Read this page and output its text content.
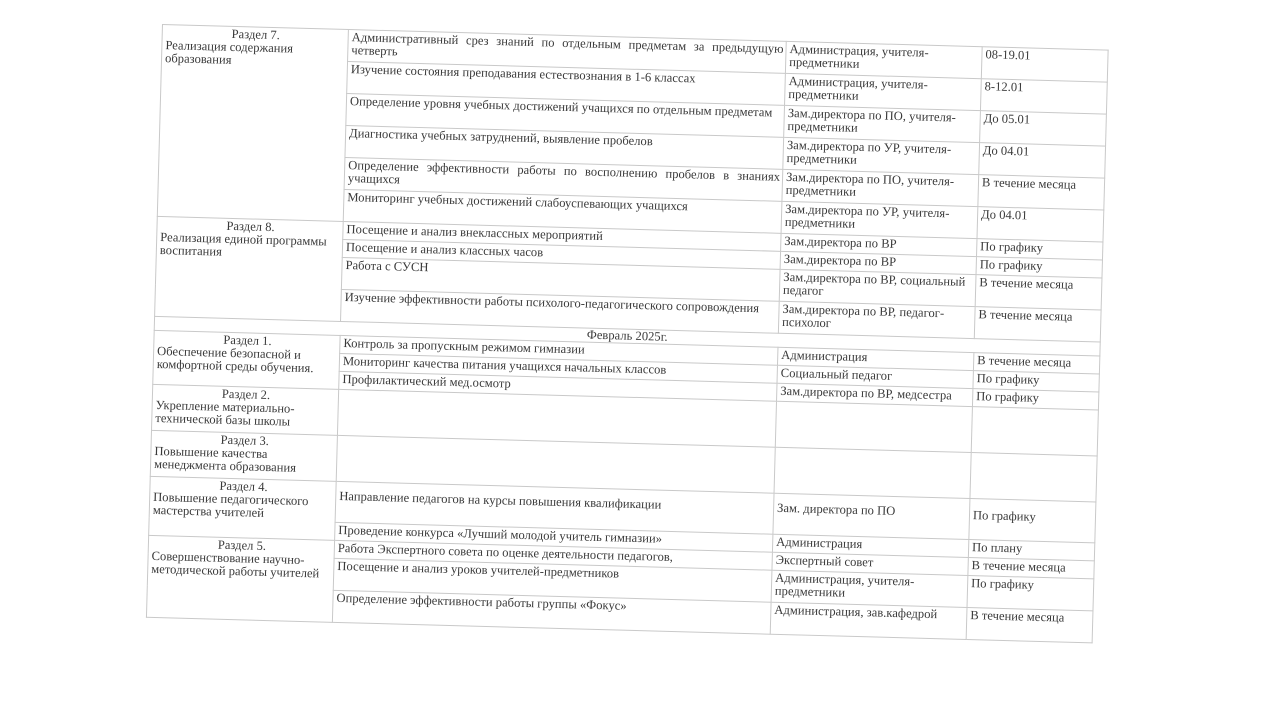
Раздел 7.
Реализация содержания образования	Административный срез знаний по отдельным предметам за предыдущую четверть	Администрация, учителя-предметники	08-19.01
	Изучение состояния преподавания естествознания в 1-6 классах	Администрация, учителя-предметники	8-12.01
	Определение уровня учебных достижений учащихся по отдельным предметам	Зам.директора по ПО, учителя-предметники	До 05.01
	Диагностика учебных затруднений, выявление пробелов	Зам.директора по УР, учителя-предметники	До 04.01
	Определение эффективности работы по восполнению пробелов в знаниях учащихся	Зам.директора по ПО, учителя-предметники	В течение месяца
	Мониторинг учебных достижений слабоуспевающих учащихся	Зам.директора по УР, учителя-предметники	До 04.01

Раздел 8.
Реализация единой программы воспитания	Посещение и анализ внеклассных мероприятий	Зам.директора по ВР	По графику
	Посещение и анализ классных часов	Зам.директора по ВР	По графику
	Работа с СУСН	Зам.директора по ВР, социальный педагог	В течение месяца
	Изучение эффективности работы психолого-педагогического сопровождения	Зам.директора по ВР, педагог-психолог	В течение месяца
Февраль 2025г.			

Раздел 1.
Обеспечение безопасной и комфортной среды обучения.	Контроль за пропускным режимом гимназии	Администрация	В течение месяца
	Мониторинг качества питания учащихся начальных классов	Социальный педагог	По графику
	Профилактический мед.осмотр	Зам.директора по ВР, медсестра	По графику

Раздел 2.
Укрепление материально-технической базы школы			

Раздел 3.
Повышение качества менеджмента образования			

Раздел 4.
Повышение педагогического мастерства учителей	Направление педагогов на курсы повышения квалификации	Зам. директора по ПО	По графику
	Проведение конкурса «Лучший молодой учитель гимназии»	Администрация	По плану

Раздел 5.
Совершенствование научно-методической работы учителей	Работа Экспертного совета по оценке деятельности педагогов,	Экспертный совет	В течение месяца
	Посещение и анализ уроков учителей-предметников	Администрация, учителя-предметники	По графику
	Определение эффективности работы группы «Фокус»	Администрация, зав.кафедрой	В течение месяца
